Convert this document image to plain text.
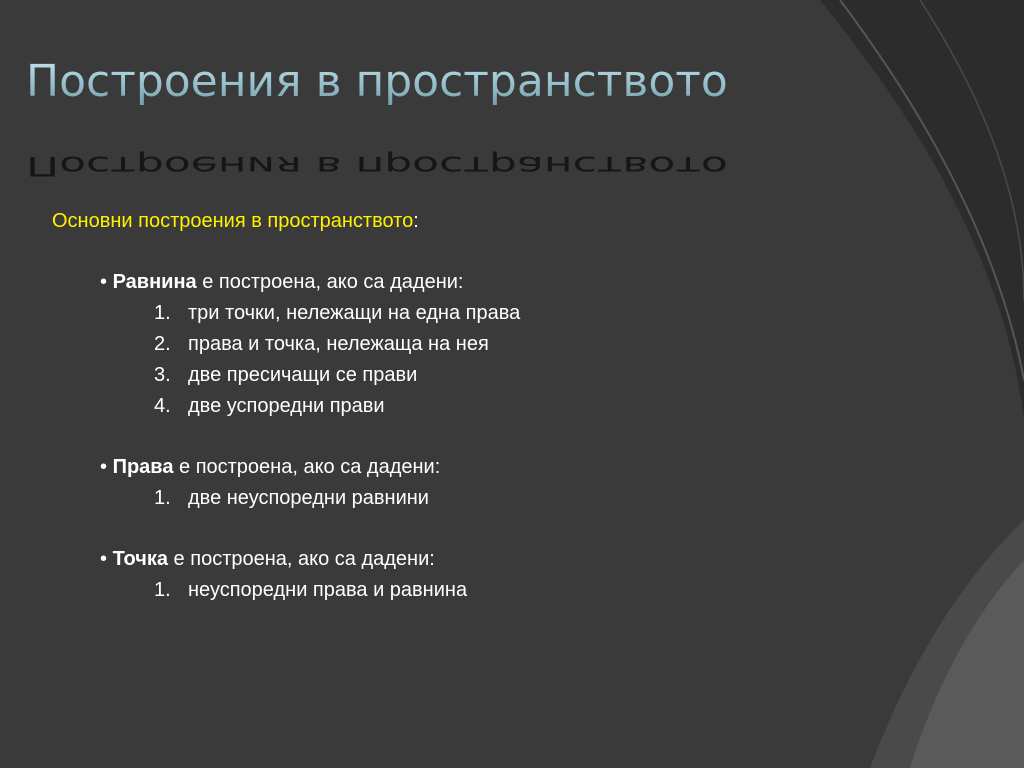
Построения в пространството
Построения в пространството

Основни построения в пространството:

• Равнина е построена, ако са дадени:

1. три точки, нележащи на една права
2. права и точка, нележаща на нея
3. две пресичащи се прави
4. две успоредни прави

• Права е построена, ако са дадени:

1. две неуспоредни равнини

• Точка е построена, ако са дадени:

1. неуспоредни права и равнина
